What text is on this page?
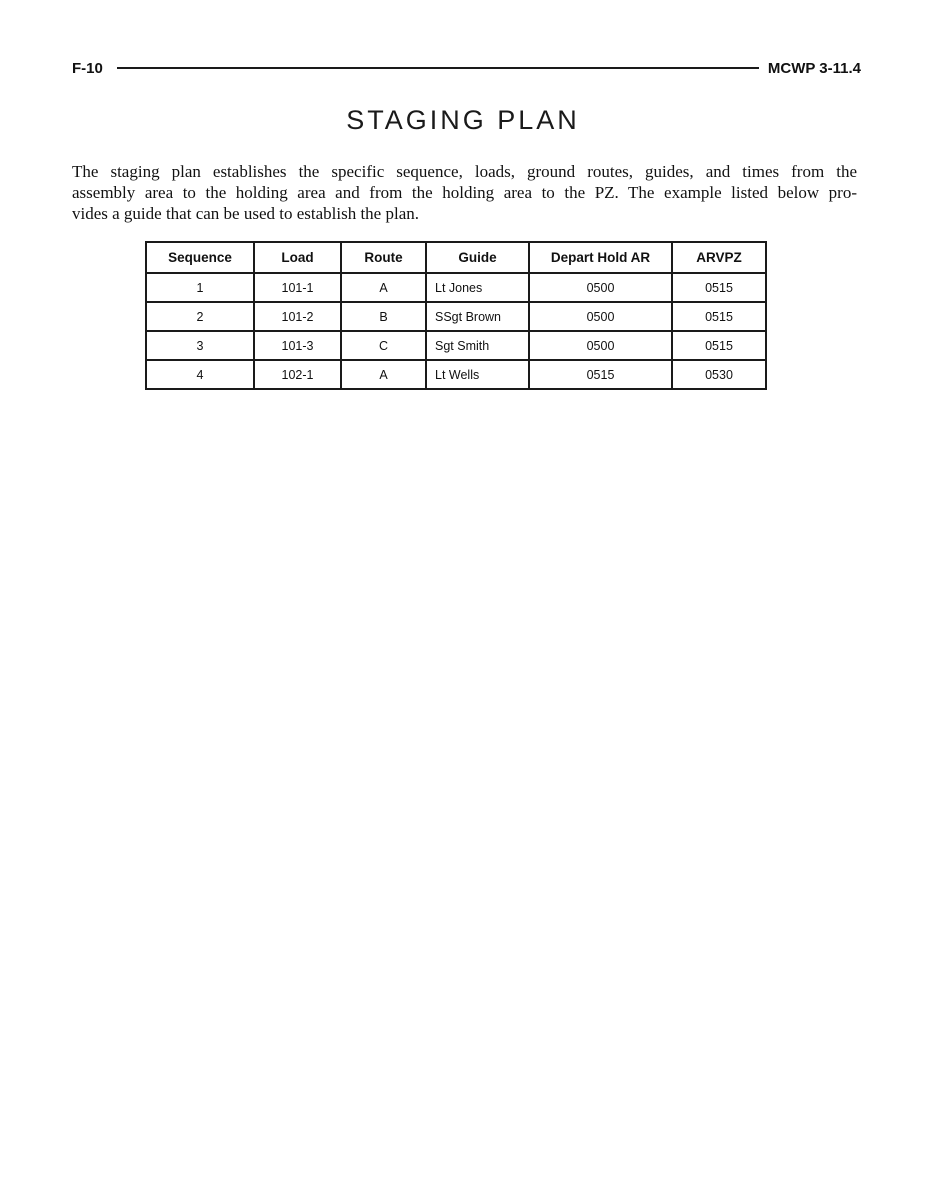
F-10	MCWP 3-11.4
STAGING PLAN

The staging plan establishes the specific sequence, loads, ground routes, guides, and times from the
assembly area to the holding area and from the holding area to the PZ. The example listed below pro-
vides a guide that can be used to establish the plan.

Sequence	Load	Route	Guide	Depart Hold AR	ARVPZ
1	101-1	A	Lt Jones	0500	0515
2	101-2	B	SSgt Brown	0500	0515
3	101-3	C	Sgt Smith	0500	0515
4	102-1	A	Lt Wells	0515	0530
